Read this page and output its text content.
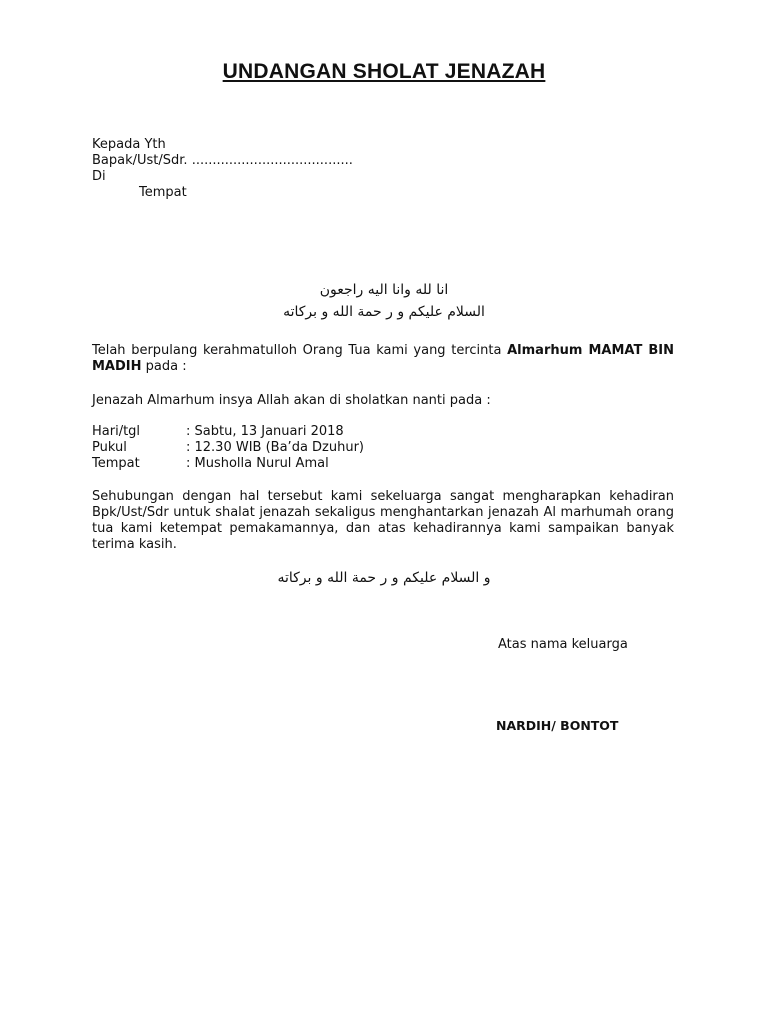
UNDANGAN SHOLAT JENAZAH
Kepada Yth
Bapak/Ust/Sdr. .......................................
Di
Tempat
انا لله وانا اليه راجعون
السلام عليكم و ر حمة الله و بركاته
Telah berpulang kerahmatulloh Orang Tua kami yang tercinta Almarhum MAMAT BIN MADIH pada :
Jenazah Almarhum insya Allah akan di sholatkan nanti pada :
Hari/tgl	: Sabtu, 13 Januari 2018
Pukul	: 12.30 WIB (Ba’da Dzuhur)
Tempat	: Musholla Nurul Amal
Sehubungan dengan hal tersebut kami sekeluarga sangat mengharapkan kehadiran Bpk/Ust/Sdr untuk shalat jenazah sekaligus menghantarkan jenazah Al marhumah orang tua kami ketempat pemakamannya, dan atas kehadirannya kami sampaikan banyak terima kasih.
و السلام عليكم و ر حمة الله و بركاته
Atas nama keluarga
NARDIH/ BONTOT
